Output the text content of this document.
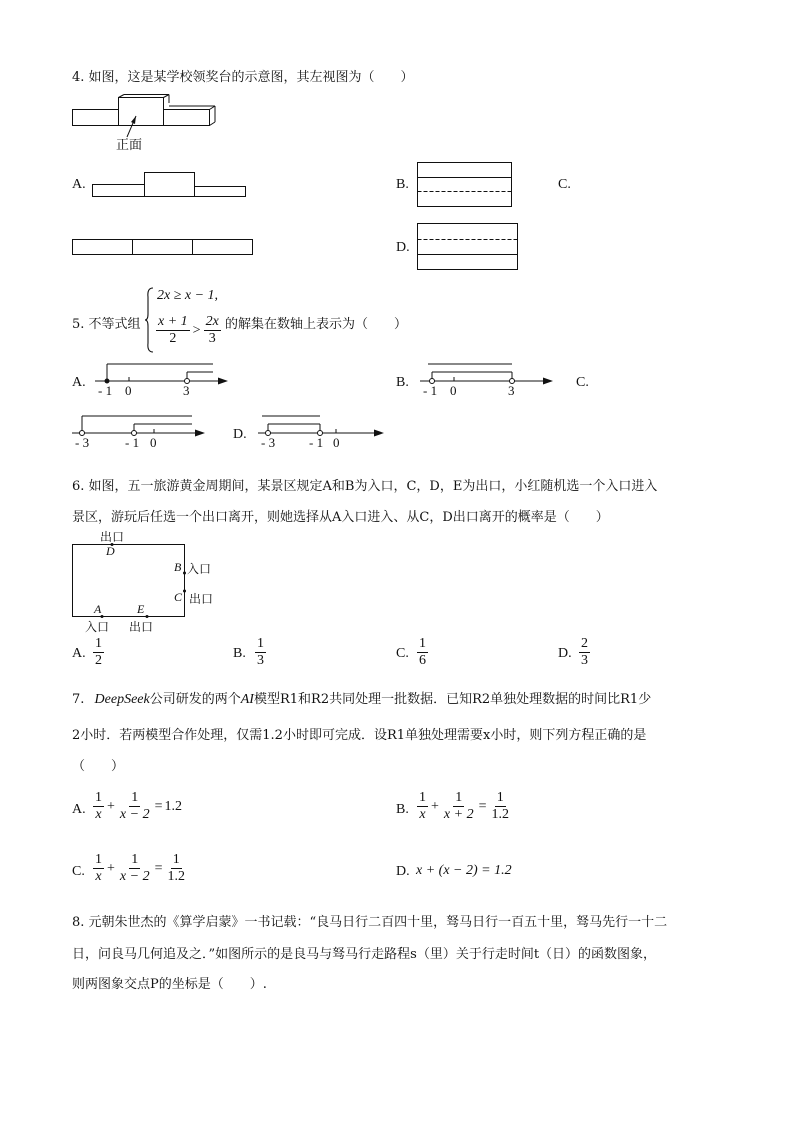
4. 如图，这是某学校领奖台的示意图，其左视图为（　　）
正面
A.	B.	C.
D.
5. 不等式组
2x ≥ x − 1,
$\frac{x + 1}{2} > \frac{2x}{3}$ 的解集在数轴上表示为（　　）
A.
- 1 0	3
B.
- 1 0	3
C.
- 3	- 1 0
D.
- 3	- 1 0
6. 如图，五一旅游黄金周期间，某景区规定A和B为入口，C，D，E为出口，小红随机选一个入口进入
景区，游玩后任选一个出口离开，则她选择从A入口进入、从C，D出口离开的概率是（　　）
出口
D
B 入口
C 出口
A	E
入口 出口
A. $\frac{1}{2}$	B. $\frac{1}{3}$	C. $\frac{1}{6}$	D. $\frac{2}{3}$
7. DeepSeek公司研发的两个AI模型R1和R2共同处理一批数据．已知R2单独处理数据的时间比R1少
2小时．若两模型合作处理，仅需1.2小时即可完成．设R1单独处理需要x小时，则下列方程正确的是
（　　）
A. $\frac{1}{x} + \frac{1}{x - 2} = 1.2$	B. $\frac{1}{x} + \frac{1}{x + 2} = \frac{1}{1.2}$
C. $\frac{1}{x} + \frac{1}{x - 2} = \frac{1}{1.2}$	D. x + (x − 2) = 1.2
8. 元朝朱世杰的《算学启蒙》一书记载：“良马日行二百四十里，驽马日行一百五十里，驽马先行一十二
日，问良马几何追及之．”如图所示的是良马与驽马行走路程s（里）关于行走时间t（日）的函数图象，
则两图象交点P的坐标是（　　）.
